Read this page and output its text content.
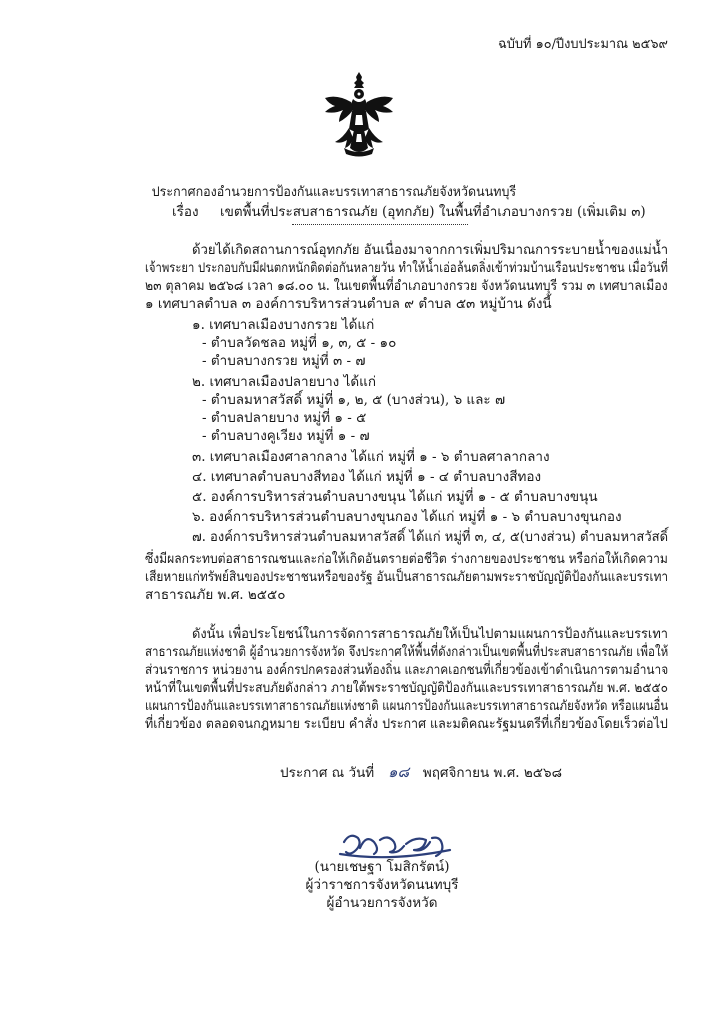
ฉบับที่ ๑๐/ปีงบประมาณ ๒๕๖๙
ประกาศกองอำนวยการป้องกันและบรรเทาสาธารณภัยจังหวัดนนทบุรี
เรื่อง เขตพื้นที่ประสบสาธารณภัย (อุทกภัย) ในพื้นที่อำเภอบางกรวย (เพิ่มเติม ๓)
ด้วยได้เกิดสถานการณ์อุทกภัย อันเนื่องมาจากการเพิ่มปริมาณการระบายน้ำของแม่น้ำ
เจ้าพระยา ประกอบกับมีฝนตกหนักติดต่อกันหลายวัน ทำให้น้ำเอ่อล้นตลิ่งเข้าท่วมบ้านเรือนประชาชน เมื่อวันที่
๒๓ ตุลาคม ๒๕๖๘ เวลา ๑๘.๐๐ น. ในเขตพื้นที่อำเภอบางกรวย จังหวัดนนทบุรี รวม ๓ เทศบาลเมือง
๑ เทศบาลตำบล ๓ องค์การบริหารส่วนตำบล ๙ ตำบล ๕๓ หมู่บ้าน ดังนี้
๑. เทศบาลเมืองบางกรวย ได้แก่
- ตำบลวัดชลอ หมู่ที่ ๑, ๓, ๕ - ๑๐
- ตำบลบางกรวย หมู่ที่ ๓ - ๗
๒. เทศบาลเมืองปลายบาง ได้แก่
- ตำบลมหาสวัสดิ์ หมู่ที่ ๑, ๒, ๕ (บางส่วน), ๖ และ ๗
- ตำบลปลายบาง หมู่ที่ ๑ - ๕
- ตำบลบางคูเวียง หมู่ที่ ๑ - ๗
๓. เทศบาลเมืองศาลากลาง ได้แก่ หมู่ที่ ๑ - ๖ ตำบลศาลากลาง
๔. เทศบาลตำบลบางสีทอง ได้แก่ หมู่ที่ ๑ - ๔ ตำบลบางสีทอง
๕. องค์การบริหารส่วนตำบลบางขนุน ได้แก่ หมู่ที่ ๑ - ๕ ตำบลบางขนุน
๖. องค์การบริหารส่วนตำบลบางขุนกอง ได้แก่ หมู่ที่ ๑ - ๖ ตำบลบางขุนกอง
๗. องค์การบริหารส่วนตำบลมหาสวัสดิ์ ได้แก่ หมู่ที่ ๓, ๔, ๕(บางส่วน) ตำบลมหาสวัสดิ์
ซึ่งมีผลกระทบต่อสาธารณชนและก่อให้เกิดอันตรายต่อชีวิต ร่างกายของประชาชน หรือก่อให้เกิดความ
เสียหายแก่ทรัพย์สินของประชาชนหรือของรัฐ อันเป็นสาธารณภัยตามพระราชบัญญัติป้องกันและบรรเทา
สาธารณภัย พ.ศ. ๒๕๕๐
ดังนั้น เพื่อประโยชน์ในการจัดการสาธารณภัยให้เป็นไปตามแผนการป้องกันและบรรเทา
สาธารณภัยแห่งชาติ ผู้อำนวยการจังหวัด จึงประกาศให้พื้นที่ดังกล่าวเป็นเขตพื้นที่ประสบสาธารณภัย เพื่อให้
ส่วนราชการ หน่วยงาน องค์กรปกครองส่วนท้องถิ่น และภาคเอกชนที่เกี่ยวข้องเข้าดำเนินการตามอำนาจ
หน้าที่ในเขตพื้นที่ประสบภัยดังกล่าว ภายใต้พระราชบัญญัติป้องกันและบรรเทาสาธารณภัย พ.ศ. ๒๕๕๐
แผนการป้องกันและบรรเทาสาธารณภัยแห่งชาติ แผนการป้องกันและบรรเทาสาธารณภัยจังหวัด หรือแผนอื่น
ที่เกี่ยวข้อง ตลอดจนกฎหมาย ระเบียบ คำสั่ง ประกาศ และมติคณะรัฐมนตรีที่เกี่ยวข้องโดยเร็วต่อไป
ประกาศ ณ วันที่ ๑๘ พฤศจิกายน พ.ศ. ๒๕๖๘
(นายเชษฐา โมสิกรัตน์)
ผู้ว่าราชการจังหวัดนนทบุรี
ผู้อำนวยการจังหวัด
